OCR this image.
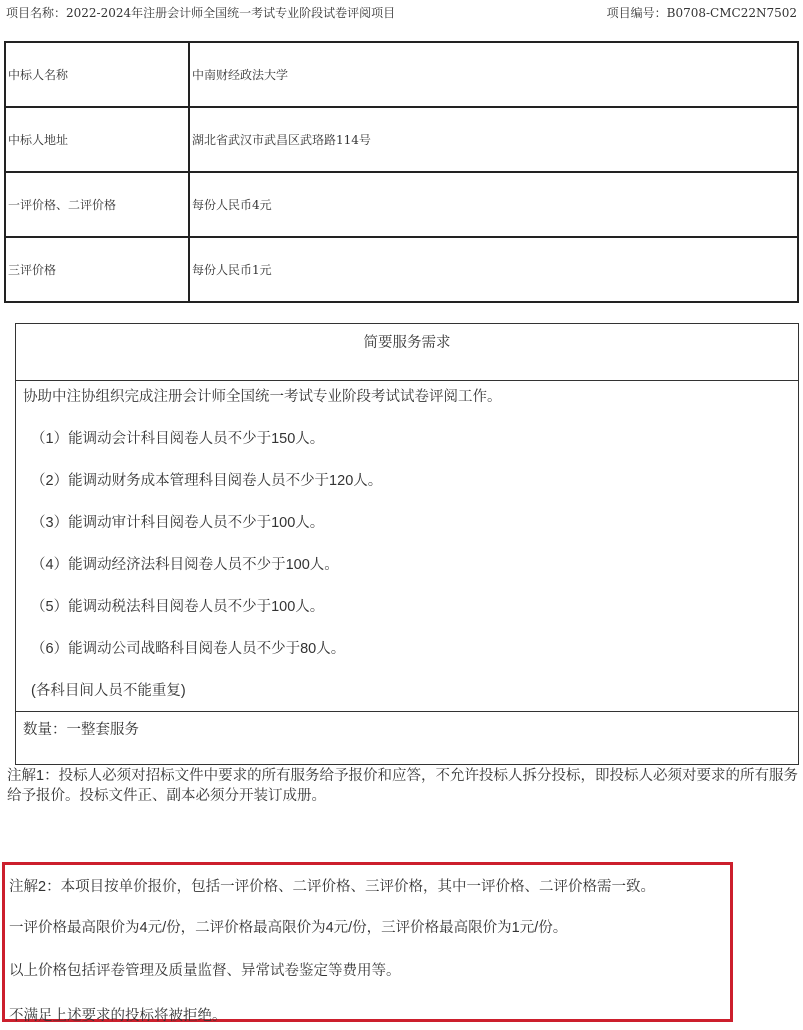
项目名称：2022-2024年注册会计师全国统一考试专业阶段试卷评阅项目	项目编号：B0708-CMC22N7502
中标人名称	中南财经政法大学
中标人地址	湖北省武汉市武昌区武珞路114号
一评价格、二评价格	每份人民币4元
三评价格	每份人民币1元
简要服务需求

协助中注协组织完成注册会计师全国统一考试专业阶段考试试卷评阅工作。

（1）能调动会计科目阅卷人员不少于150人。

（2）能调动财务成本管理科目阅卷人员不少于120人。

（3）能调动审计科目阅卷人员不少于100人。

（4）能调动经济法科目阅卷人员不少于100人。

（5）能调动税法科目阅卷人员不少于100人。

（6）能调动公司战略科目阅卷人员不少于80人。

(各科目间人员不能重复)

数量：一整套服务

注解1：投标人必须对招标文件中要求的所有服务给予报价和应答，不允许投标人拆分投标，即投标人必须对要求的所有服务给予报价。投标文件正、副本必须分开装订成册。

注解2：本项目按单价报价，包括一评价格、二评价格、三评价格，其中一评价格、二评价格需一致。

一评价格最高限价为4元/份，二评价格最高限价为4元/份，三评价格最高限价为1元/份。

以上价格包括评卷管理及质量监督、异常试卷鉴定等费用等。

不满足上述要求的投标将被拒绝。
